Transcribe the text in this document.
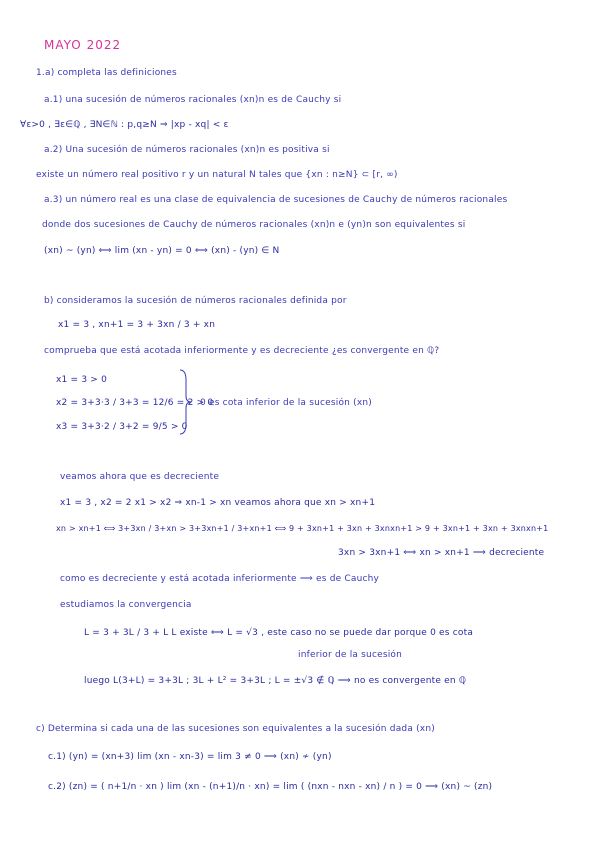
MAYO 2022
1.a) completa las definiciones
a.1) una sucesión de números racionales (xn)n es de Cauchy si
∀ε>0 , ∃ε∈ℚ , ∃N∈ℕ : p,q≥N ⇒ |xp - xq| < ε
a.2) Una sucesión de números racionales (xn)n es positiva si
existe un número real positivo r y un natural N tales que {xn : n≥N} ⊂ [r, ∞)
a.3) un número real es una clase de equivalencia de sucesiones de Cauchy de números racionales
donde dos sucesiones de Cauchy de números racionales (xn)n e (yn)n son equivalentes si
(xn) ~ (yn) ⟺ lim (xn - yn) = 0 ⟺ (xn) - (yn) ∈ N
b) consideramos la sucesión de números racionales definida por
x1 = 3 , xn+1 = 3 + 3xn / 3 + xn
comprueba que está acotada inferiormente y es decreciente ¿es convergente en ℚ?
x1 = 3 > 0
x2 = 3+3·3 / 3+3 = 12/6 = 2 > 0
x3 = 3+3·2 / 3+2 = 9/5 > 0
0 es cota inferior de la sucesión (xn)
veamos ahora que es decreciente
x1 = 3 , x2 = 2 x1 > x2 ⇒ xn-1 > xn veamos ahora que xn > xn+1
xn > xn+1 ⟺ 3+3xn / 3+xn > 3+3xn+1 / 3+xn+1 ⟺ 9 + 3xn+1 + 3xn + 3xnxn+1 > 9 + 3xn+1 + 3xn + 3xnxn+1
3xn > 3xn+1 ⟺ xn > xn+1 ⟹ decreciente
como es decreciente y está acotada inferiormente ⟹ es de Cauchy
estudiamos la convergencia
L = 3 + 3L / 3 + L L existe ⟺ L = √3 , este caso no se puede dar porque 0 es cota
inferior de la sucesión
luego L(3+L) = 3+3L ; 3L + L² = 3+3L ; L = ±√3 ∉ ℚ ⟹ no es convergente en ℚ
c) Determina si cada una de las sucesiones son equivalentes a la sucesión dada (xn)
c.1) (yn) = (xn+3) lim (xn - xn-3) = lim 3 ≠ 0 ⟹ (xn) ≁ (yn)
c.2) (zn) = ( n+1/n · xn ) lim (xn - (n+1)/n · xn) = lim ( (nxn - nxn - xn) / n ) = 0 ⟹ (xn) ~ (zn)
